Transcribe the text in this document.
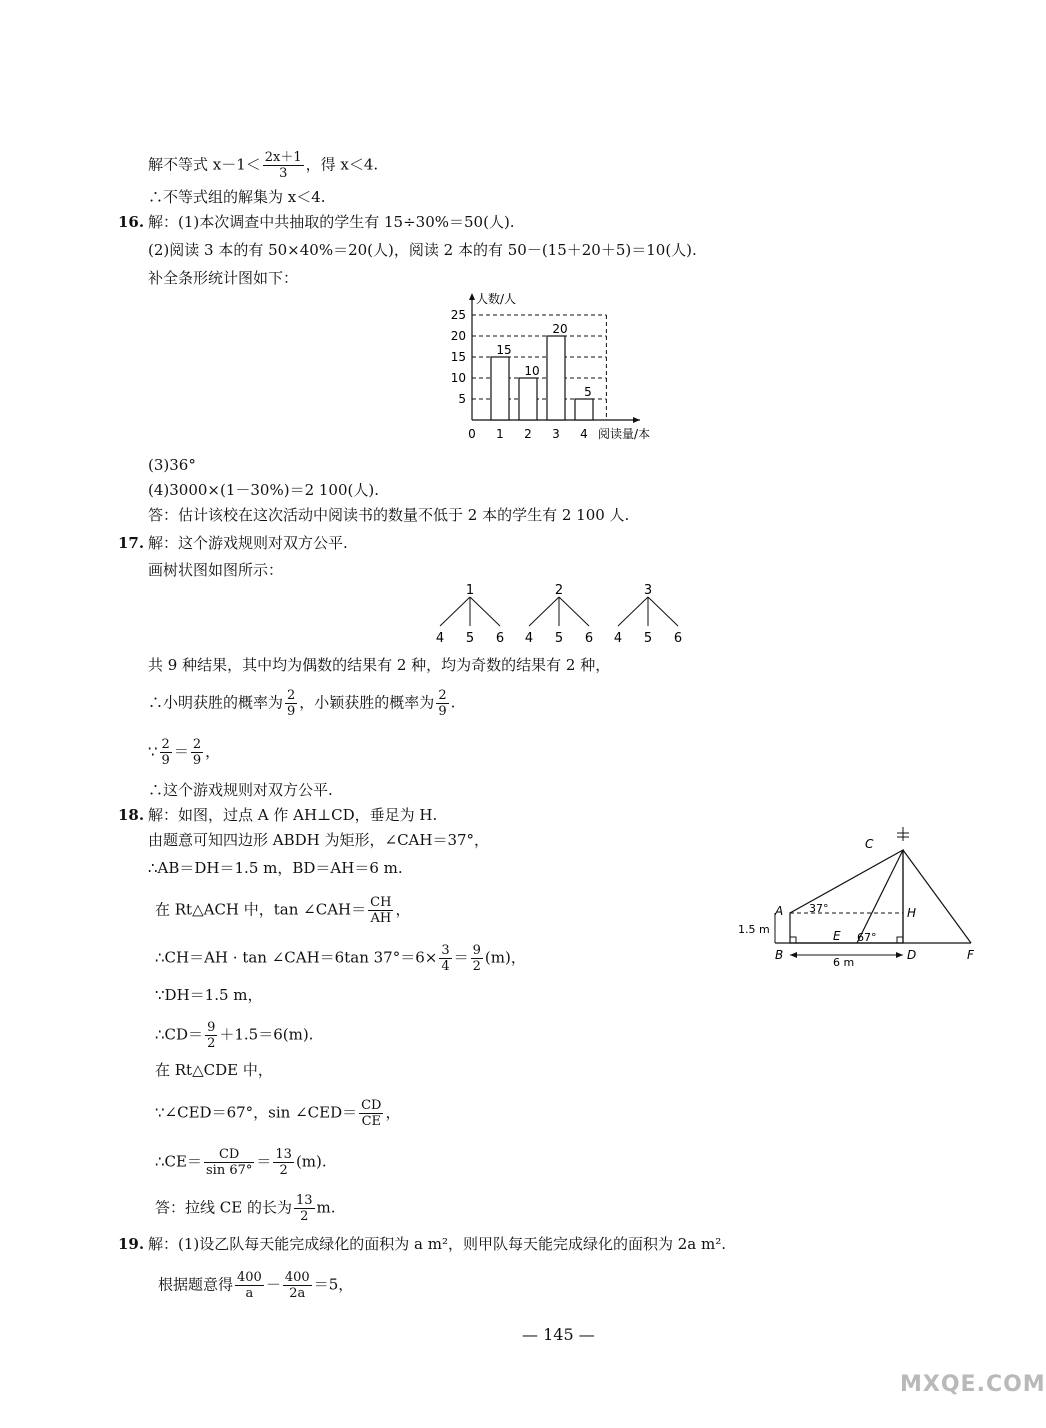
解不等式 $x-1< \frac{2x+1}{3}$ ，得 x＜4.
∴不等式组的解集为 x＜4.
16. 解：(1)本次调查中共抽取的学生有 15÷30%＝50(人).
(2)阅读 3 本的有 50×40%＝20(人)，阅读 2 本的有 50－(15＋20＋5)＝10(人).
补全条形统计图如下：
25
20
15
10
5
人数/人
阅读量/本
0 1 2 3 4
15
10
20
5
(3)36°
(4)3000×(1－30%)＝2 100(人).
答：估计该校在这次活动中阅读书的数量不低于 2 本的学生有 2 100 人.
17. 解：这个游戏规则对双方公平.
画树状图如图所示：
1
4 5 6
2
4 5 6
3
4 5 6
共 9 种结果，其中均为偶数的结果有 2 种，均为奇数的结果有 2 种，
∴小明获胜的概率为 $\frac{2}{9}$ ，小颖获胜的概率为 $\frac{2}{9}$ .
∵ $\frac{2}{9} = \frac{2}{9}$ ，
∴这个游戏规则对双方公平.
18. 解：如图，过点 A 作 AH⊥CD，垂足为 H.
由题意可知四边形 ABDH 为矩形，∠CAH＝37°，
∴AB＝DH＝1.5 m，BD＝AH＝6 m.
在 Rt△ACH 中，tan ∠CAH＝ $\frac{CH}{AH}$ ，
∴CH＝AH · tan ∠CAH＝6tan $37^\circ=6\times \frac{3}{4} = \frac{9}{2} (m)$，
∵DH＝1.5 m，
∴CD＝ $\frac{9}{2} +1.5=6(m)$.
在 Rt△CDE 中，
∵∠CED＝67°，sin ∠CED＝ $\frac{CD}{CE}$ ，
∴CE＝ $\frac{CD}{\sin 67^\circ} = \frac{13}{2} (m)$.
答：拉线 CE 的长为 $\frac{13}{2} m$.
C
A	H
B	D
E
F
1.5 m
6 m
37°
67°
19. 解：(1)设乙队每天能完成绿化的面积为 a m²，则甲队每天能完成绿化的面积为 2a m².
根据题意得 $\frac{400}{a} - \frac{400}{2a} =5$，
— 145 —
MXQE.COM
